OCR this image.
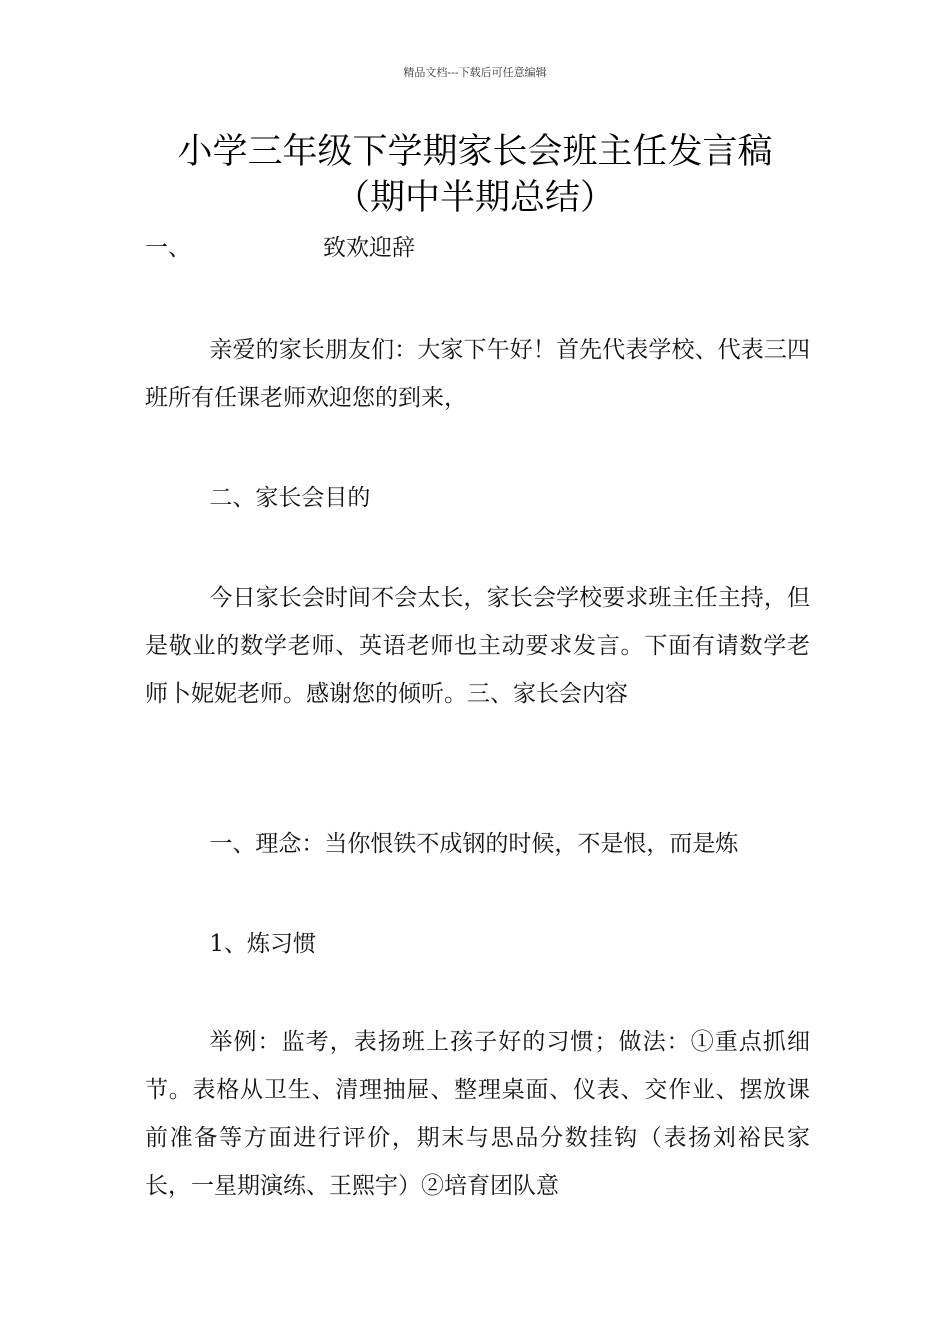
精品文档---下载后可任意编辑
小学三年级下学期家长会班主任发言稿
（期中半期总结）
一、	致欢迎辞

亲爱的家长朋友们：大家下午好！首先代表学校、代表三四班所有任课老师欢迎您的到来，

二、家长会目的

今日家长会时间不会太长，家长会学校要求班主任主持，但是敬业的数学老师、英语老师也主动要求发言。下面有请数学老师卜妮妮老师。感谢您的倾听。三、家长会内容

一、理念：当你恨铁不成钢的时候，不是恨，而是炼

1、炼习惯

举例：监考，表扬班上孩子好的习惯；做法：①重点抓细节。表格从卫生、清理抽屉、整理桌面、仪表、交作业、摆放课前准备等方面进行评价，期末与思品分数挂钩（表扬刘裕民家长，一星期演练、王熙宇）②培育团队意
